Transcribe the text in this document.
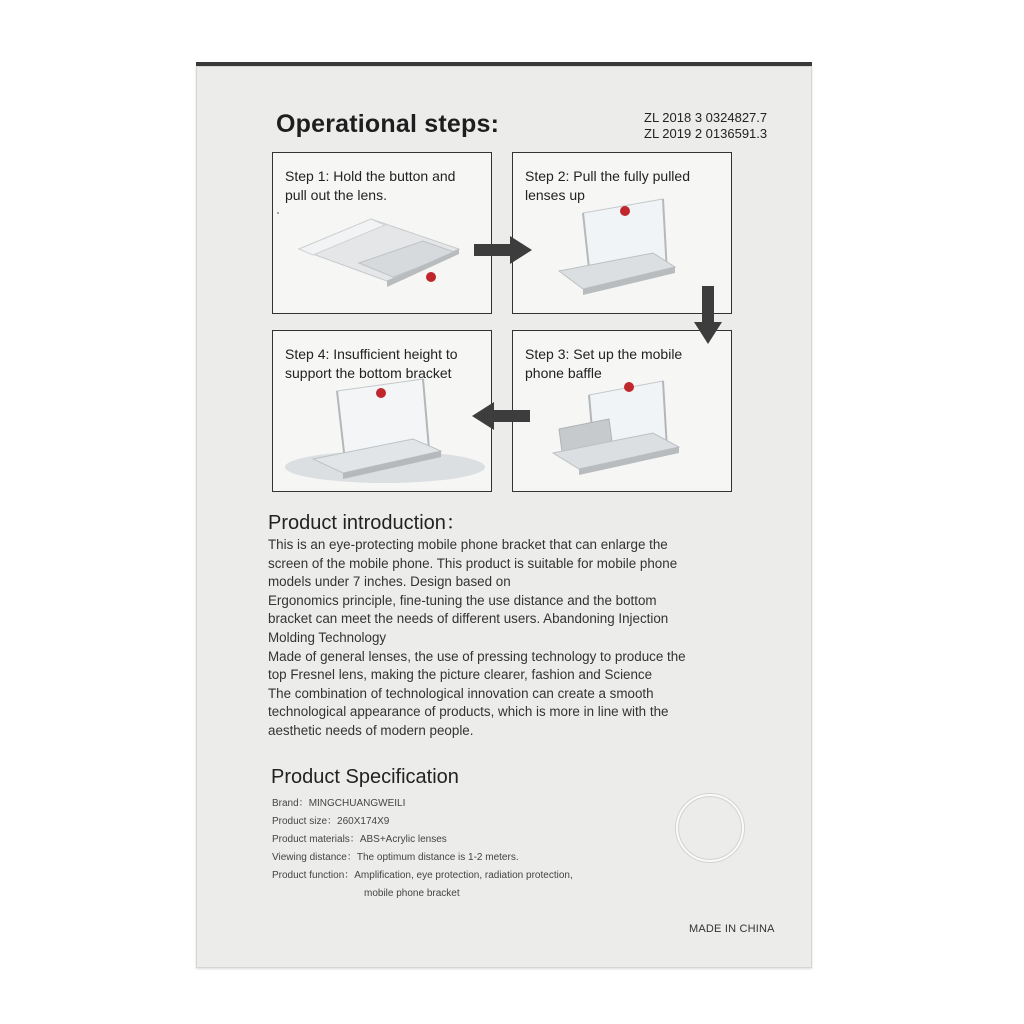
Operational steps:	ZL 2018 3 0324827.7
ZL 2019 2 0136591.3
Step 1: Hold the button and
pull out the lens.
Step 2: Pull the fully pulled
lenses up
Step 4: Insufficient height to
support the bottom bracket
Step 3: Set up the mobile
phone baffle
Product introduction：
This is an eye-protecting mobile phone bracket that can enlarge the
screen of the mobile phone. This product is suitable for mobile phone
models under 7 inches. Design based on
Ergonomics principle, fine-tuning the use distance and the bottom
bracket can meet the needs of different users. Abandoning Injection
Molding Technology
Made of general lenses, the use of pressing technology to produce the
top Fresnel lens, making the picture clearer, fashion and Science
The combination of technological innovation can create a smooth
technological appearance of products, which is more in line with the
aesthetic needs of modern people.
Product Specification
Brand：MINGCHUANGWEILI
Product size：260X174X9
Product materials：ABS+Acrylic lenses
Viewing distance：The optimum distance is 1-2 meters.
Product function：Amplification, eye protection, radiation protection,
mobile phone bracket
MADE IN CHINA
